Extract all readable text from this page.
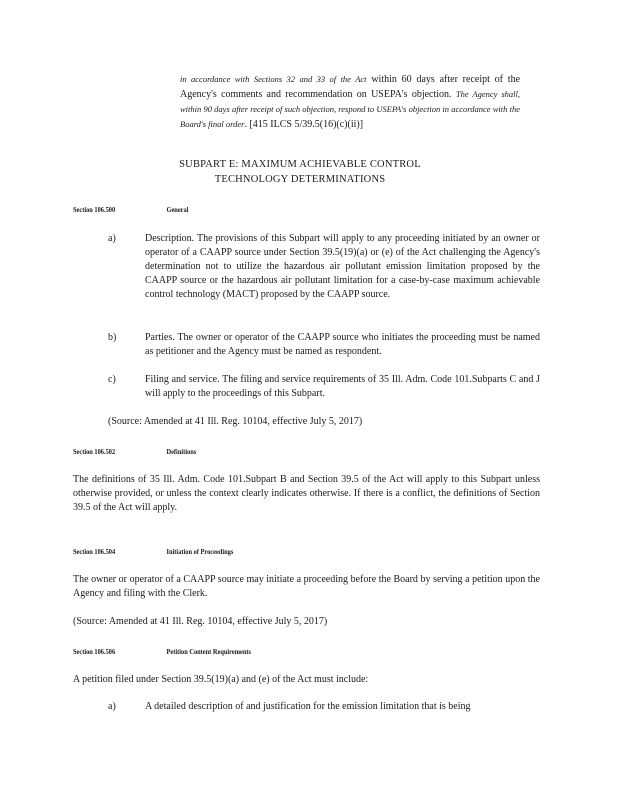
in accordance with Sections 32 and 33 of the Act within 60 days after receipt of the Agency's comments and recommendation on USEPA's objection. The Agency shall, within 90 days after receipt of such objection, respond to USEPA's objection in accordance with the Board's final order. [415 ILCS 5/39.5(16)(c)(ii)]

SUBPART E: MAXIMUM ACHIEVABLE CONTROL
TECHNOLOGY DETERMINATIONS
Section 106.500	General
a)	Description. The provisions of this Subpart will apply to any proceeding initiated by an owner or operator of a CAAPP source under Section 39.5(19)(a) or (e) of the Act challenging the Agency's determination not to utilize the hazardous air pollutant emission limitation proposed by the CAAPP source or the hazardous air pollutant limitation for a case-by-case maximum achievable control technology (MACT) proposed by the CAAPP source.

b)	Parties. The owner or operator of the CAAPP source who initiates the proceeding must be named as petitioner and the Agency must be named as respondent.

c)	Filing and service. The filing and service requirements of 35 Ill. Adm. Code 101.Subparts C and J will apply to the proceedings of this Subpart.

(Source: Amended at 41 Ill. Reg. 10104, effective July 5, 2017)

Section 106.502	Definitions

The definitions of 35 Ill. Adm. Code 101.Subpart B and Section 39.5 of the Act will apply to this Subpart unless otherwise provided, or unless the context clearly indicates otherwise. If there is a conflict, the definitions of Section 39.5 of the Act will apply.

Section 106.504	Initiation of Proceedings

The owner or operator of a CAAPP source may initiate a proceeding before the Board by serving a petition upon the Agency and filing with the Clerk.

(Source: Amended at 41 Ill. Reg. 10104, effective July 5, 2017)

Section 106.506	Petition Content Requirements

A petition filed under Section 39.5(19)(a) and (e) of the Act must include:

a)	A detailed description of and justification for the emission limitation that is being
